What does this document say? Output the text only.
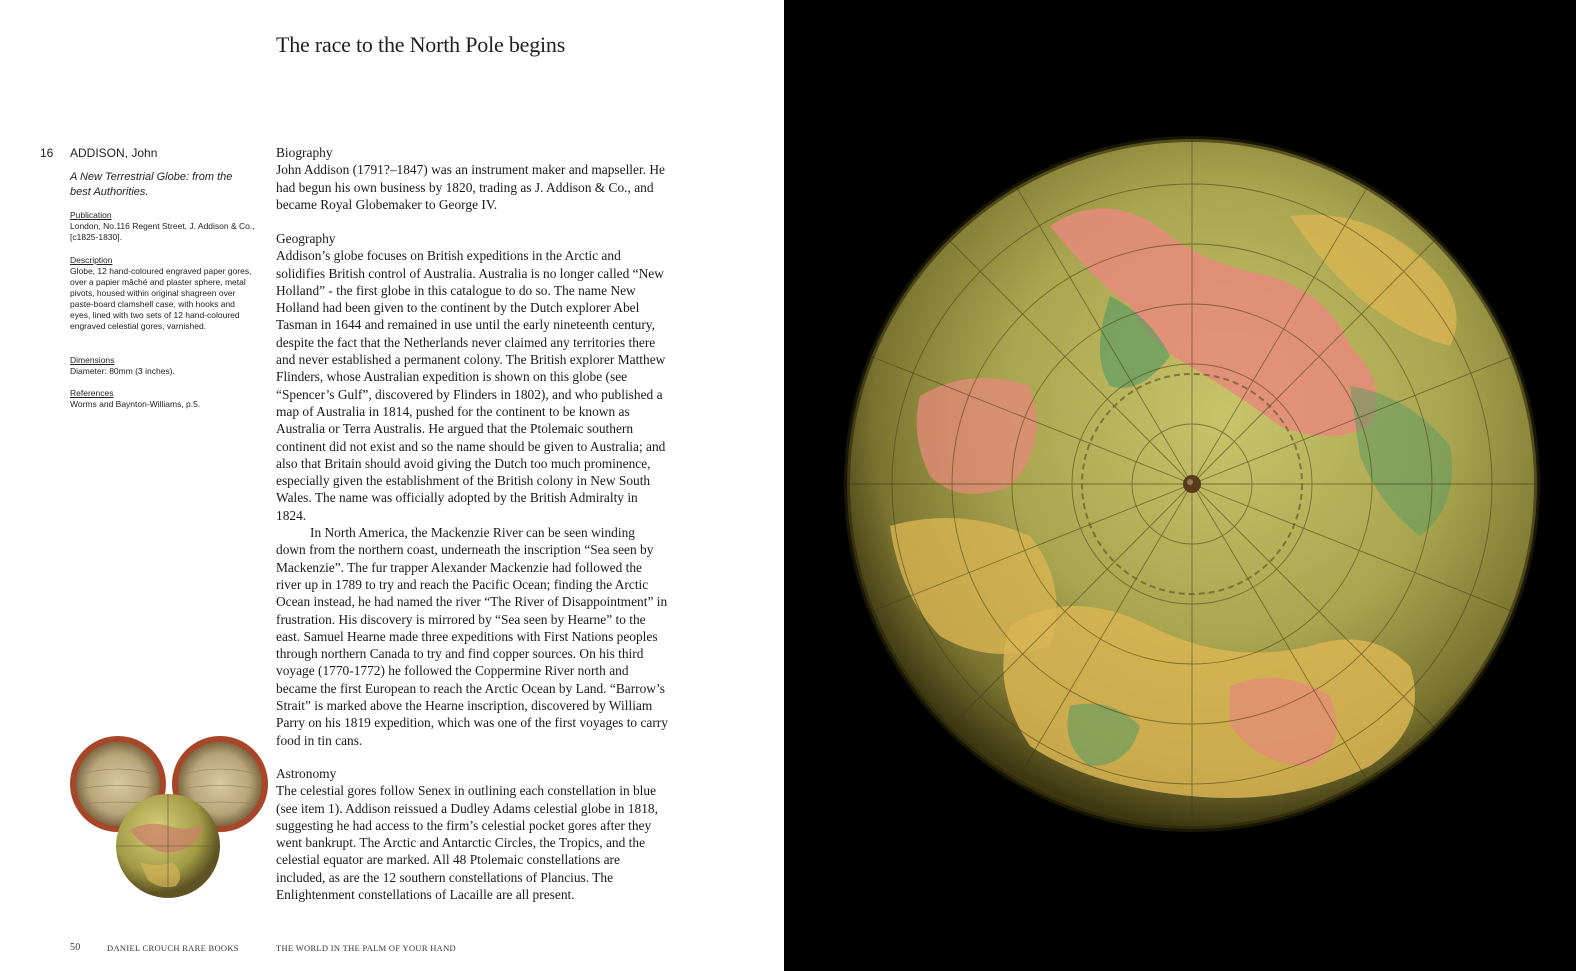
The race to the North Pole begins
16 ADDISON, John
A New Terrestrial Globe: from the best Authorities.
Publication
London, No.116 Regent Street, J. Addison & Co., [c1825-1830].
Description
Globe, 12 hand-coloured engraved paper gores, over a papier mâché and plaster sphere, metal pivots, housed within original shagreen over paste-board clamshell case, with hooks and eyes, lined with two sets of 12 hand-coloured engraved celestial gores, varnished.
Dimensions
Diameter: 80mm (3 inches).
References
Worms and Baynton-Williams, p.5.

Biography

John Addison (1791?–1847) was an instrument maker and mapseller. He had begun his own business by 1820, trading as J. Addison & Co., and became Royal Globemaker to George IV.

Geography

Addison’s globe focuses on British expeditions in the Arctic and solidifies British control of Australia. Australia is no longer called “New Holland” - the first globe in this catalogue to do so. The name New Holland had been given to the continent by the Dutch explorer Abel Tasman in 1644 and remained in use until the early nineteenth century, despite the fact that the Netherlands never claimed any territories there and never established a permanent colony. The British explorer Matthew Flinders, whose Australian expedition is shown on this globe (see “Spencer’s Gulf”, discovered by Flinders in 1802), and who published a map of Australia in 1814, pushed for the continent to be known as Australia or Terra Australis. He argued that the Ptolemaic southern continent did not exist and so the name should be given to Australia; and also that Britain should avoid giving the Dutch too much prominence, especially given the establishment of the British colony in New South Wales. The name was officially adopted by the British Admiralty in 1824.

In North America, the Mackenzie River can be seen winding down from the northern coast, underneath the inscription “Sea seen by Mackenzie”. The fur trapper Alexander Mackenzie had followed the river up in 1789 to try and reach the Pacific Ocean; finding the Arctic Ocean instead, he had named the river “The River of Disappointment” in frustration. His discovery is mirrored by “Sea seen by Hearne” to the east. Samuel Hearne made three expeditions with First Nations peoples through northern Canada to try and find copper sources. On his third voyage (1770-1772) he followed the Coppermine River north and became the first European to reach the Arctic Ocean by Land. “Barrow’s Strait” is marked above the Hearne inscription, discovered by William Parry on his 1819 expedition, which was one of the first voyages to carry food in tin cans.

Astronomy

The celestial gores follow Senex in outlining each constellation in blue (see item 1). Addison reissued a Dudley Adams celestial globe in 1818, suggesting he had access to the firm’s celestial pocket gores after they went bankrupt. The Arctic and Antarctic Circles, the Tropics, and the celestial equator are marked. All 48 Ptolemaic constellations are included, as are the 12 southern constellations of Plancius. The Enlightenment constellations of Lacaille are all present.

50	DANIEL CROUCH RARE BOOKS	THE WORLD IN THE PALM OF YOUR HAND
